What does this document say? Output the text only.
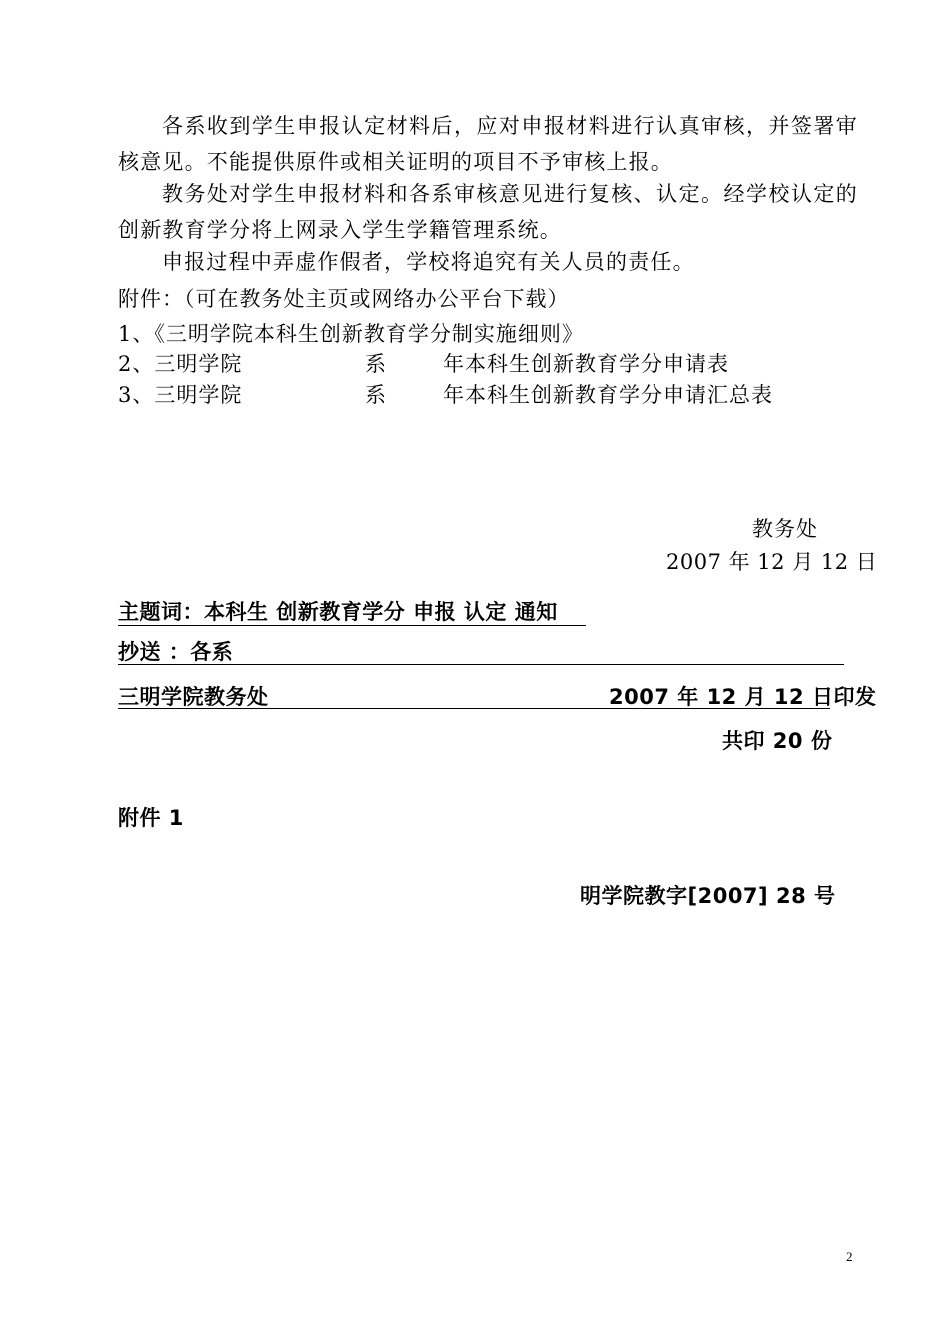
各系收到学生申报认定材料后，应对申报材料进行认真审核，并签署审核意见。不能提供原件或相关证明的项目不予审核上报。
教务处对学生申报材料和各系审核意见进行复核、认定。经学校认定的创新教育学分将上网录入学生学籍管理系统。
申报过程中弄虚作假者，学校将追究有关人员的责任。
附件：（可在教务处主页或网络办公平台下载）
1、《三明学院本科生创新教育学分制实施细则》
2、三明学院	系	年本科生创新教育学分申请表
3、三明学院	系	年本科生创新教育学分申请汇总表
教务处
2007 年 12 月 12 日
主题词：本科生 创新教育学分 申报 认定 通知
抄送 ：各系
三明学院教务处	2007 年 12 月 12 日印发
共印 20 份
附件 1
明学院教字[2007] 28 号
2
